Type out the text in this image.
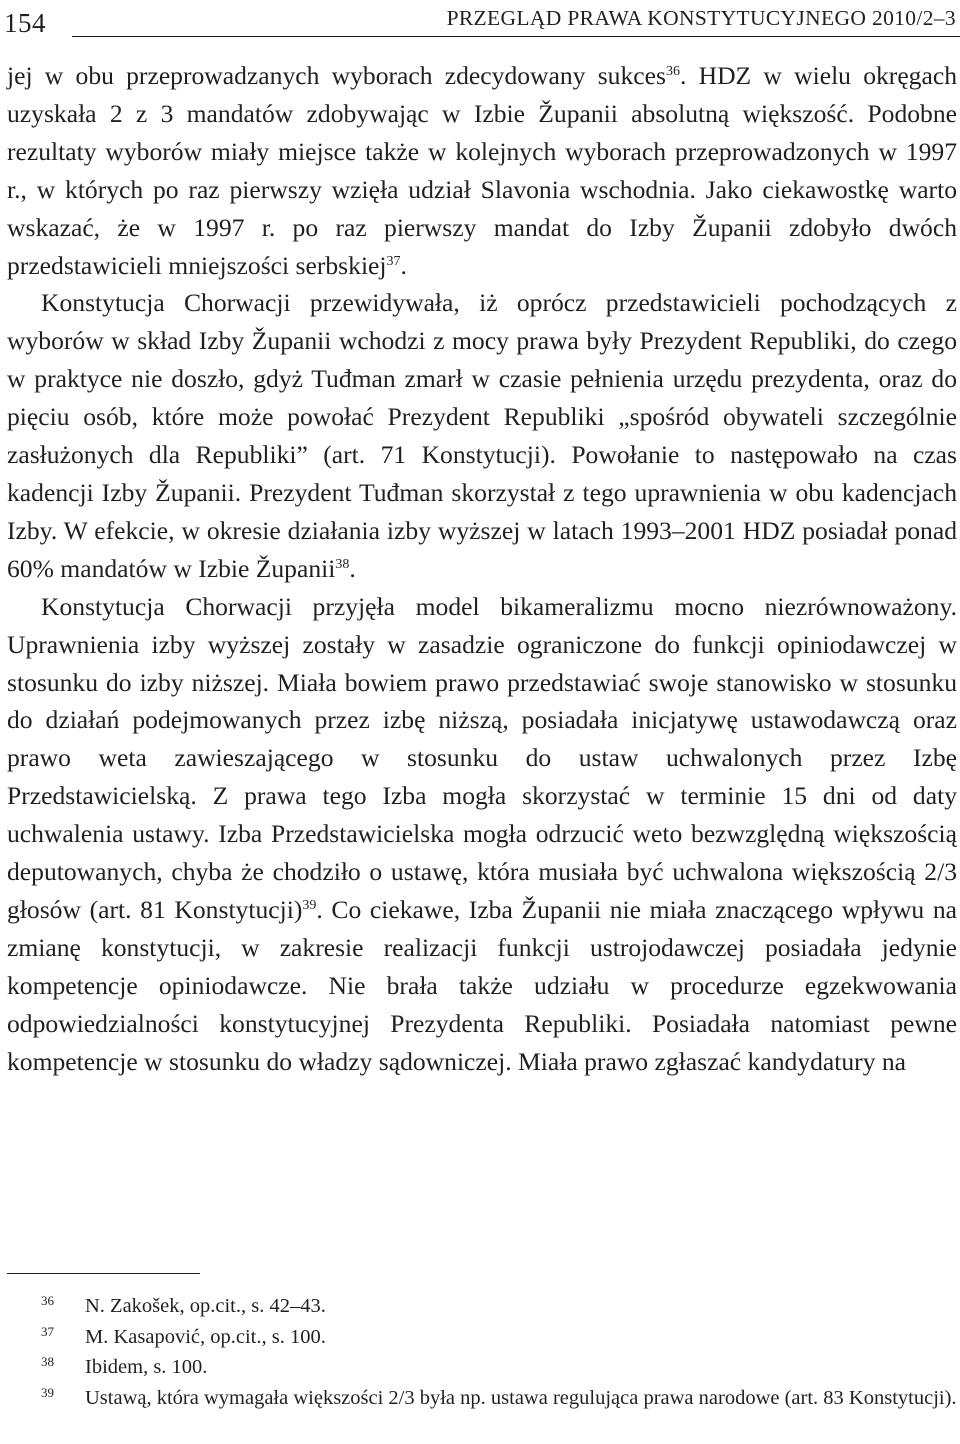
154	PRZEGLĄD PRAWA KONSTYTUCYJNEGO 2010/2–3

jej w obu przeprowadzanych wyborach zdecydowany sukces$^{36}$. HDZ w wielu okręgach uzyskała 2 z 3 mandatów zdobywając w Izbie Županii absolutną większość. Podobne rezultaty wyborów miały miejsce także w kolejnych wyborach przeprowadzonych w 1997 r., w których po raz pierwszy wzięła udział Slavonia wschodnia. Jako ciekawostkę warto wskazać, że w 1997 r. po raz pierwszy mandat do Izby Županii zdobyło dwóch przedstawicieli mniejszości serbskiej$^{37}$.

Konstytucja Chorwacji przewidywała, iż oprócz przedstawicieli pochodzących z wyborów w skład Izby Županii wchodzi z mocy prawa były Prezydent Republiki, do czego w praktyce nie doszło, gdyż Tuđman zmarł w czasie pełnienia urzędu prezydenta, oraz do pięciu osób, które może powołać Prezydent Republiki „spośród obywateli szczególnie zasłużonych dla Republiki” (art. 71 Konstytucji). Powołanie to następowało na czas kadencji Izby Županii. Prezydent Tuđman skorzystał z tego uprawnienia w obu kadencjach Izby. W efekcie, w okresie działania izby wyższej w latach 1993–2001 HDZ posiadał ponad 60% mandatów w Izbie Županii$^{38}$.

Konstytucja Chorwacji przyjęła model bikameralizmu mocno niezrównoważony. Uprawnienia izby wyższej zostały w zasadzie ograniczone do funkcji opiniodawczej w stosunku do izby niższej. Miała bowiem prawo przedstawiać swoje stanowisko w stosunku do działań podejmowanych przez izbę niższą, posiadała inicjatywę ustawodawczą oraz prawo weta zawieszającego w stosunku do ustaw uchwalonych przez Izbę Przedstawicielską. Z prawa tego Izba mogła skorzystać w terminie 15 dni od daty uchwalenia ustawy. Izba Przedstawicielska mogła odrzucić weto bezwzględną większością deputowanych, chyba że chodziło o ustawę, która musiała być uchwalona większością 2/3 głosów (art. 81 Konstytucji)$^{39}$. Co ciekawe, Izba Županii nie miała znaczącego wpływu na zmianę konstytucji, w zakresie realizacji funkcji ustrojodawczej posiadała jedynie kompetencje opiniodawcze. Nie brała także udziału w procedurze egzekwowania odpowiedzialności konstytucyjnej Prezydenta Republiki. Posiadała natomiast pewne kompetencje w stosunku do władzy sądowniczej. Miała prawo zgłaszać kandydatury na

$^{36}$ N. Zakošek, op.cit., s. 42–43.

$^{37}$ M. Kasapović, op.cit., s. 100.

$^{38}$ Ibidem, s. 100.

$^{39}$ Ustawą, która wymagała większości 2/3 była np. ustawa regulująca prawa narodowe (art. 83 Konstytucji).
